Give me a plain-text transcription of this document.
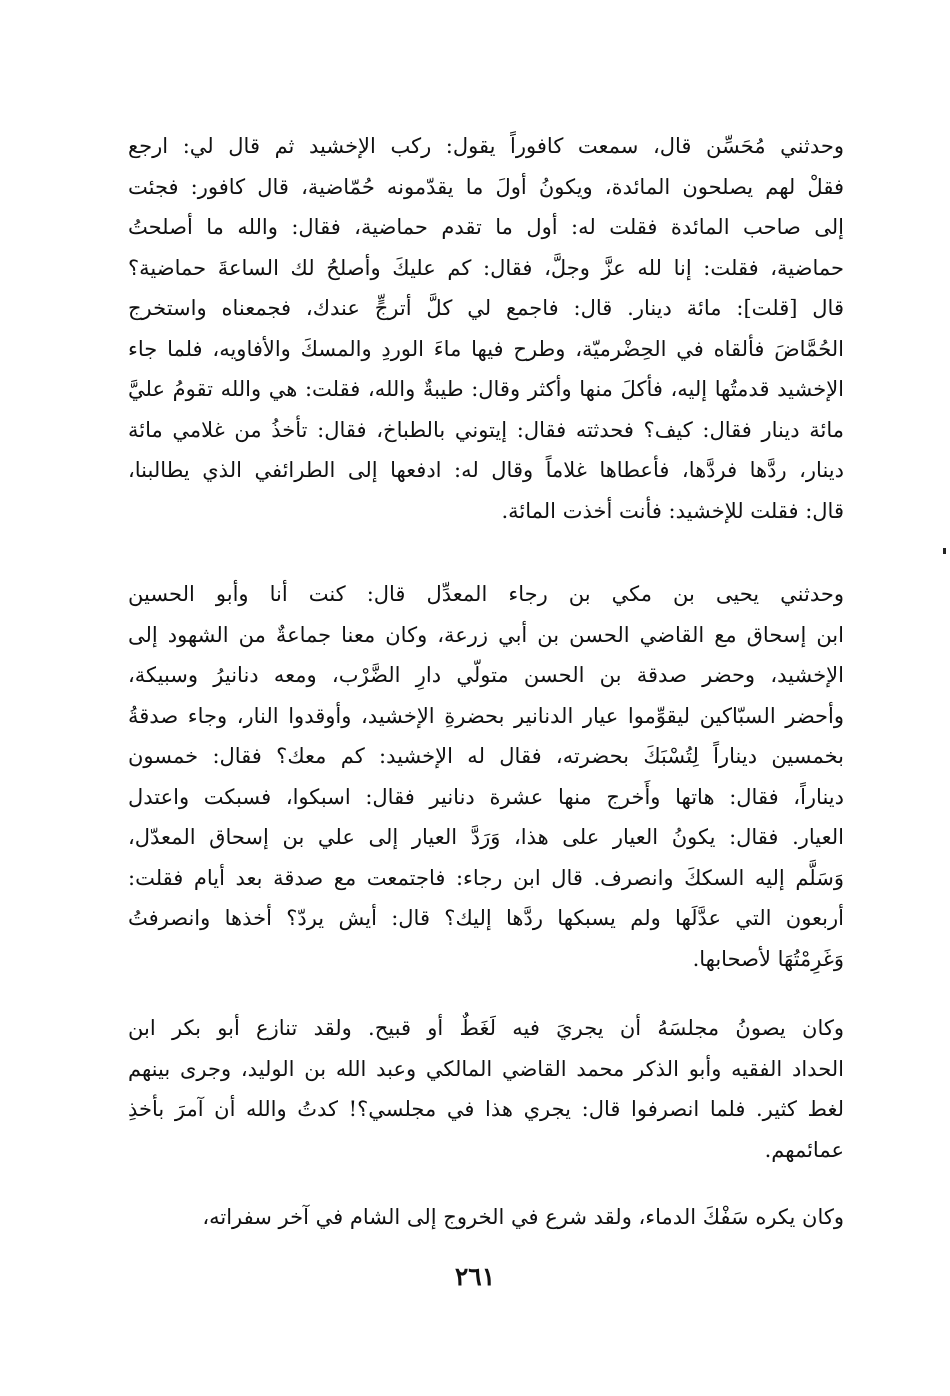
وحدثني مُحَسِّن قال، سمعت كافوراً يقول: ركب الإخشيد ثم قال لي: ارجع
فقلْ لهم يصلحون المائدة، ويكونُ أولَ ما يقدّمونه حُمّاضية، قال كافور: فجئت
إلى صاحب المائدة فقلت له: أول ما تقدم حماضية، فقال: والله ما أصلحتُ
حماضية، فقلت: إنا لله عزَّ وجلَّ، فقال: كم عليكَ وأصلحُ لك الساعةَ حماضية؟
قال [قلت]: مائة دينار. قال: فاجمع لي كلَّ أترجٍّ عندك، فجمعناه واستخرج
الحُمَّاضَ فألقاه في الحِضْرميّة، وطرح فيها ماءَ الوردِ والمسكَ والأفاويه، فلما جاء
الإخشيد قدمتُها إليه، فأكلَ منها وأكثر وقال: طيبةٌ والله، فقلت: هي والله تقومُ عليَّ
مائة دينار فقال: كيف؟ فحدثته فقال: إيتوني بالطباخ، فقال: تأخذُ من غلامي مائة
دينار، ردَّها فردَّها، فأعطاها غلاماً وقال له: ادفعها إلى الطرائفي الذي يطالبنا،
قال: فقلت للإخشيد: فأنت أخذت المائة.
وحدثني يحيى بن مكي بن رجاء المعدِّل قال: كنت أنا وأبو الحسين
ابن إسحاق مع القاضي الحسن بن أبي زرعة، وكان معنا جماعةٌ من الشهود إلى
الإخشيد، وحضر صدقة بن الحسن متولّي دارِ الضَّرْب، ومعه دنانيرُ وسبيكة،
وأحضر السبّاكين ليقوِّموا عيار الدنانير بحضرةِ الإخشيد، وأوقدوا النار، وجاء صدقةُ
بخمسين ديناراً لِتُسْبَكَ بحضرته، فقال له الإخشيد: كم معك؟ فقال: خمسون
ديناراً، فقال: هاتها وأَخرج منها عشرة دنانير فقال: اسبكوا، فسبكت واعتدل
العيار. فقال: يكونُ العيار على هذا، وَرَدَّ العيار إلى علي بن إسحاق المعدّل،
وَسَلَّم إليه السككَ وانصرف. قال ابن رجاء: فاجتمعت مع صدقة بعد أيام فقلت:
أربعون التي عدَّلَها ولم يسبكها ردَّها إليك؟ قال: أيش يردّ؟ أخذها وانصرفتُ
وَغَرِمْتُهَا لأصحابها.
وكان يصونُ مجلسَهُ أن يجريَ فيه لَغَطٌ أو قبيح. ولقد تنازع أبو بكر ابن
الحداد الفقيه وأبو الذكر محمد القاضي المالكي وعبد الله بن الوليد، وجرى بينهم
لغط كثير. فلما انصرفوا قال: يجري هذا في مجلسي؟! كدتُ والله أن آمرَ بأخذِ
عمائمهم.
وكان يكره سَفْكَ الدماء، ولقد شرع في الخروج إلى الشام في آخر سفراته،
٢٦١
